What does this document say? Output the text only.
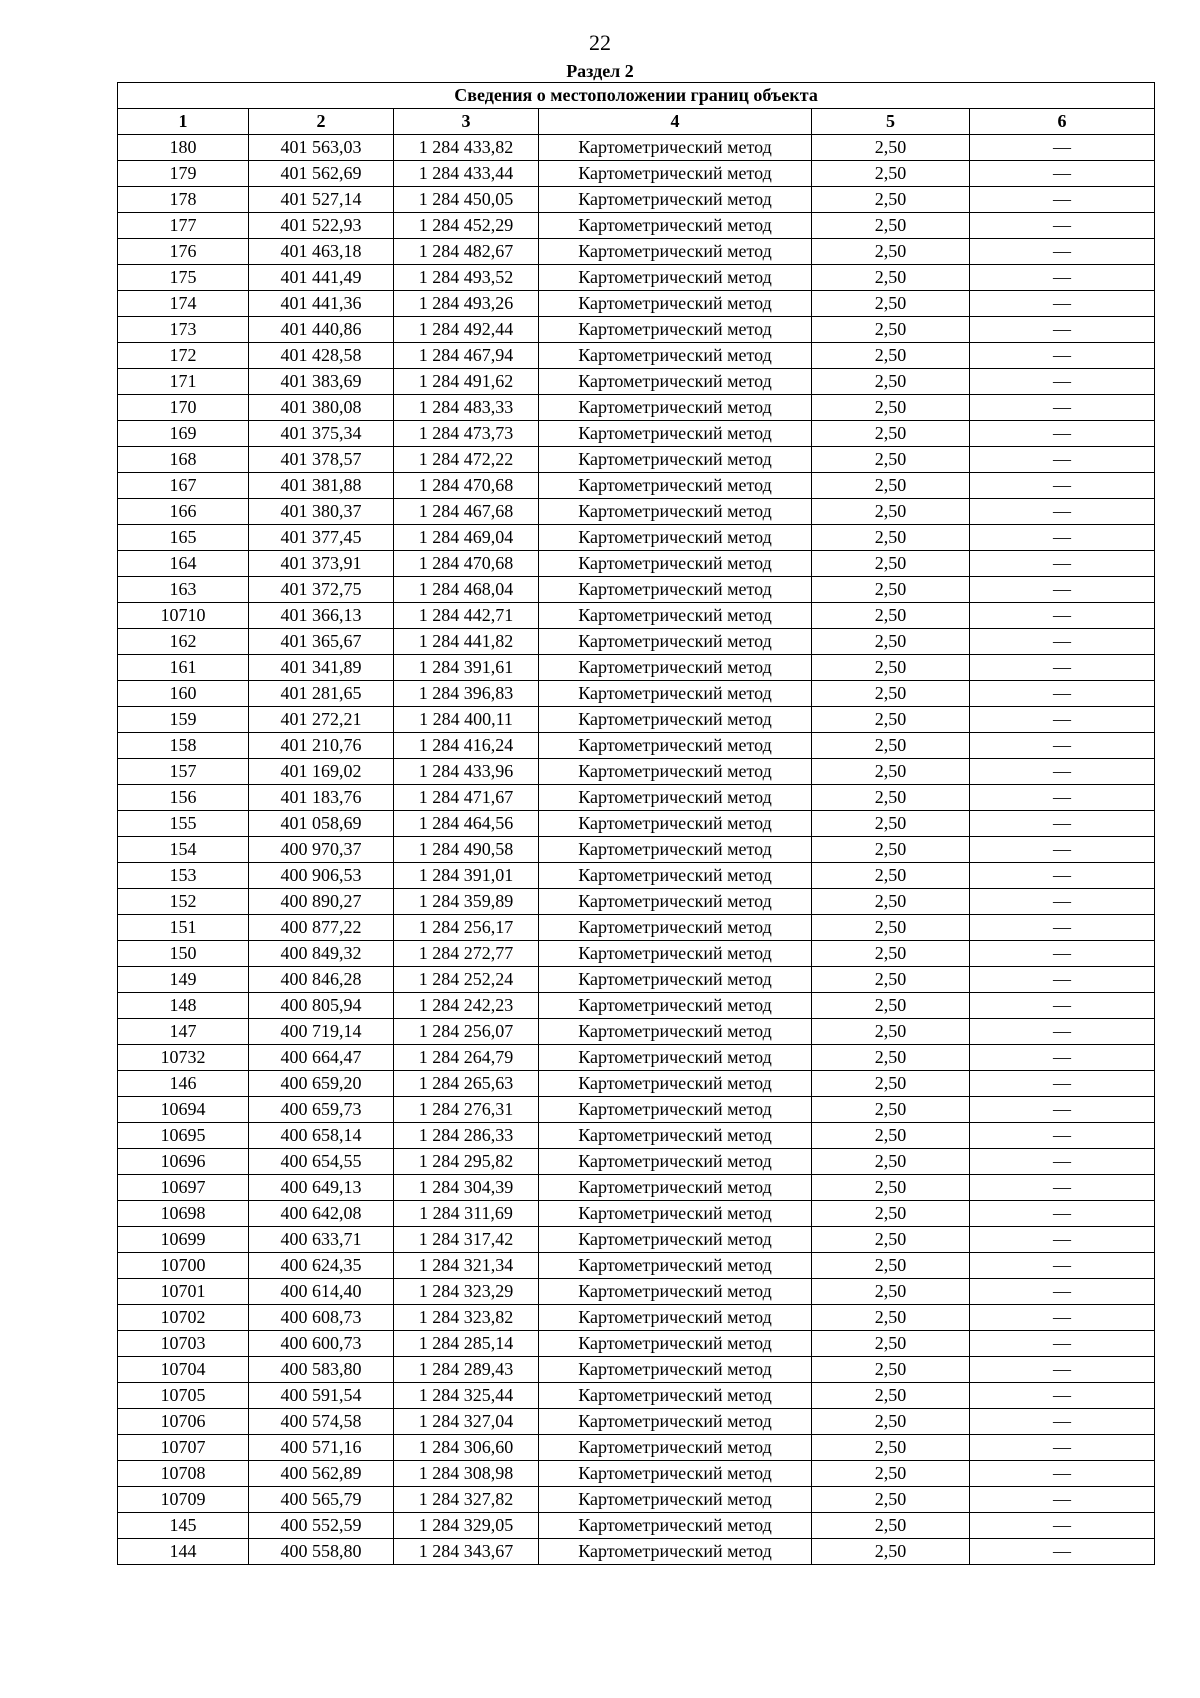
22
Раздел 2
Сведения о местоположении границ объекта					
1	2	3	4	5	6
180	401 563,03	1 284 433,82	Картометрический метод	2,50	—
179	401 562,69	1 284 433,44	Картометрический метод	2,50	—
178	401 527,14	1 284 450,05	Картометрический метод	2,50	—
177	401 522,93	1 284 452,29	Картометрический метод	2,50	—
176	401 463,18	1 284 482,67	Картометрический метод	2,50	—
175	401 441,49	1 284 493,52	Картометрический метод	2,50	—
174	401 441,36	1 284 493,26	Картометрический метод	2,50	—
173	401 440,86	1 284 492,44	Картометрический метод	2,50	—
172	401 428,58	1 284 467,94	Картометрический метод	2,50	—
171	401 383,69	1 284 491,62	Картометрический метод	2,50	—
170	401 380,08	1 284 483,33	Картометрический метод	2,50	—
169	401 375,34	1 284 473,73	Картометрический метод	2,50	—
168	401 378,57	1 284 472,22	Картометрический метод	2,50	—
167	401 381,88	1 284 470,68	Картометрический метод	2,50	—
166	401 380,37	1 284 467,68	Картометрический метод	2,50	—
165	401 377,45	1 284 469,04	Картометрический метод	2,50	—
164	401 373,91	1 284 470,68	Картометрический метод	2,50	—
163	401 372,75	1 284 468,04	Картометрический метод	2,50	—
10710	401 366,13	1 284 442,71	Картометрический метод	2,50	—
162	401 365,67	1 284 441,82	Картометрический метод	2,50	—
161	401 341,89	1 284 391,61	Картометрический метод	2,50	—
160	401 281,65	1 284 396,83	Картометрический метод	2,50	—
159	401 272,21	1 284 400,11	Картометрический метод	2,50	—
158	401 210,76	1 284 416,24	Картометрический метод	2,50	—
157	401 169,02	1 284 433,96	Картометрический метод	2,50	—
156	401 183,76	1 284 471,67	Картометрический метод	2,50	—
155	401 058,69	1 284 464,56	Картометрический метод	2,50	—
154	400 970,37	1 284 490,58	Картометрический метод	2,50	—
153	400 906,53	1 284 391,01	Картометрический метод	2,50	—
152	400 890,27	1 284 359,89	Картометрический метод	2,50	—
151	400 877,22	1 284 256,17	Картометрический метод	2,50	—
150	400 849,32	1 284 272,77	Картометрический метод	2,50	—
149	400 846,28	1 284 252,24	Картометрический метод	2,50	—
148	400 805,94	1 284 242,23	Картометрический метод	2,50	—
147	400 719,14	1 284 256,07	Картометрический метод	2,50	—
10732	400 664,47	1 284 264,79	Картометрический метод	2,50	—
146	400 659,20	1 284 265,63	Картометрический метод	2,50	—
10694	400 659,73	1 284 276,31	Картометрический метод	2,50	—
10695	400 658,14	1 284 286,33	Картометрический метод	2,50	—
10696	400 654,55	1 284 295,82	Картометрический метод	2,50	—
10697	400 649,13	1 284 304,39	Картометрический метод	2,50	—
10698	400 642,08	1 284 311,69	Картометрический метод	2,50	—
10699	400 633,71	1 284 317,42	Картометрический метод	2,50	—
10700	400 624,35	1 284 321,34	Картометрический метод	2,50	—
10701	400 614,40	1 284 323,29	Картометрический метод	2,50	—
10702	400 608,73	1 284 323,82	Картометрический метод	2,50	—
10703	400 600,73	1 284 285,14	Картометрический метод	2,50	—
10704	400 583,80	1 284 289,43	Картометрический метод	2,50	—
10705	400 591,54	1 284 325,44	Картометрический метод	2,50	—
10706	400 574,58	1 284 327,04	Картометрический метод	2,50	—
10707	400 571,16	1 284 306,60	Картометрический метод	2,50	—
10708	400 562,89	1 284 308,98	Картометрический метод	2,50	—
10709	400 565,79	1 284 327,82	Картометрический метод	2,50	—
145	400 552,59	1 284 329,05	Картометрический метод	2,50	—
144	400 558,80	1 284 343,67	Картометрический метод	2,50	—
